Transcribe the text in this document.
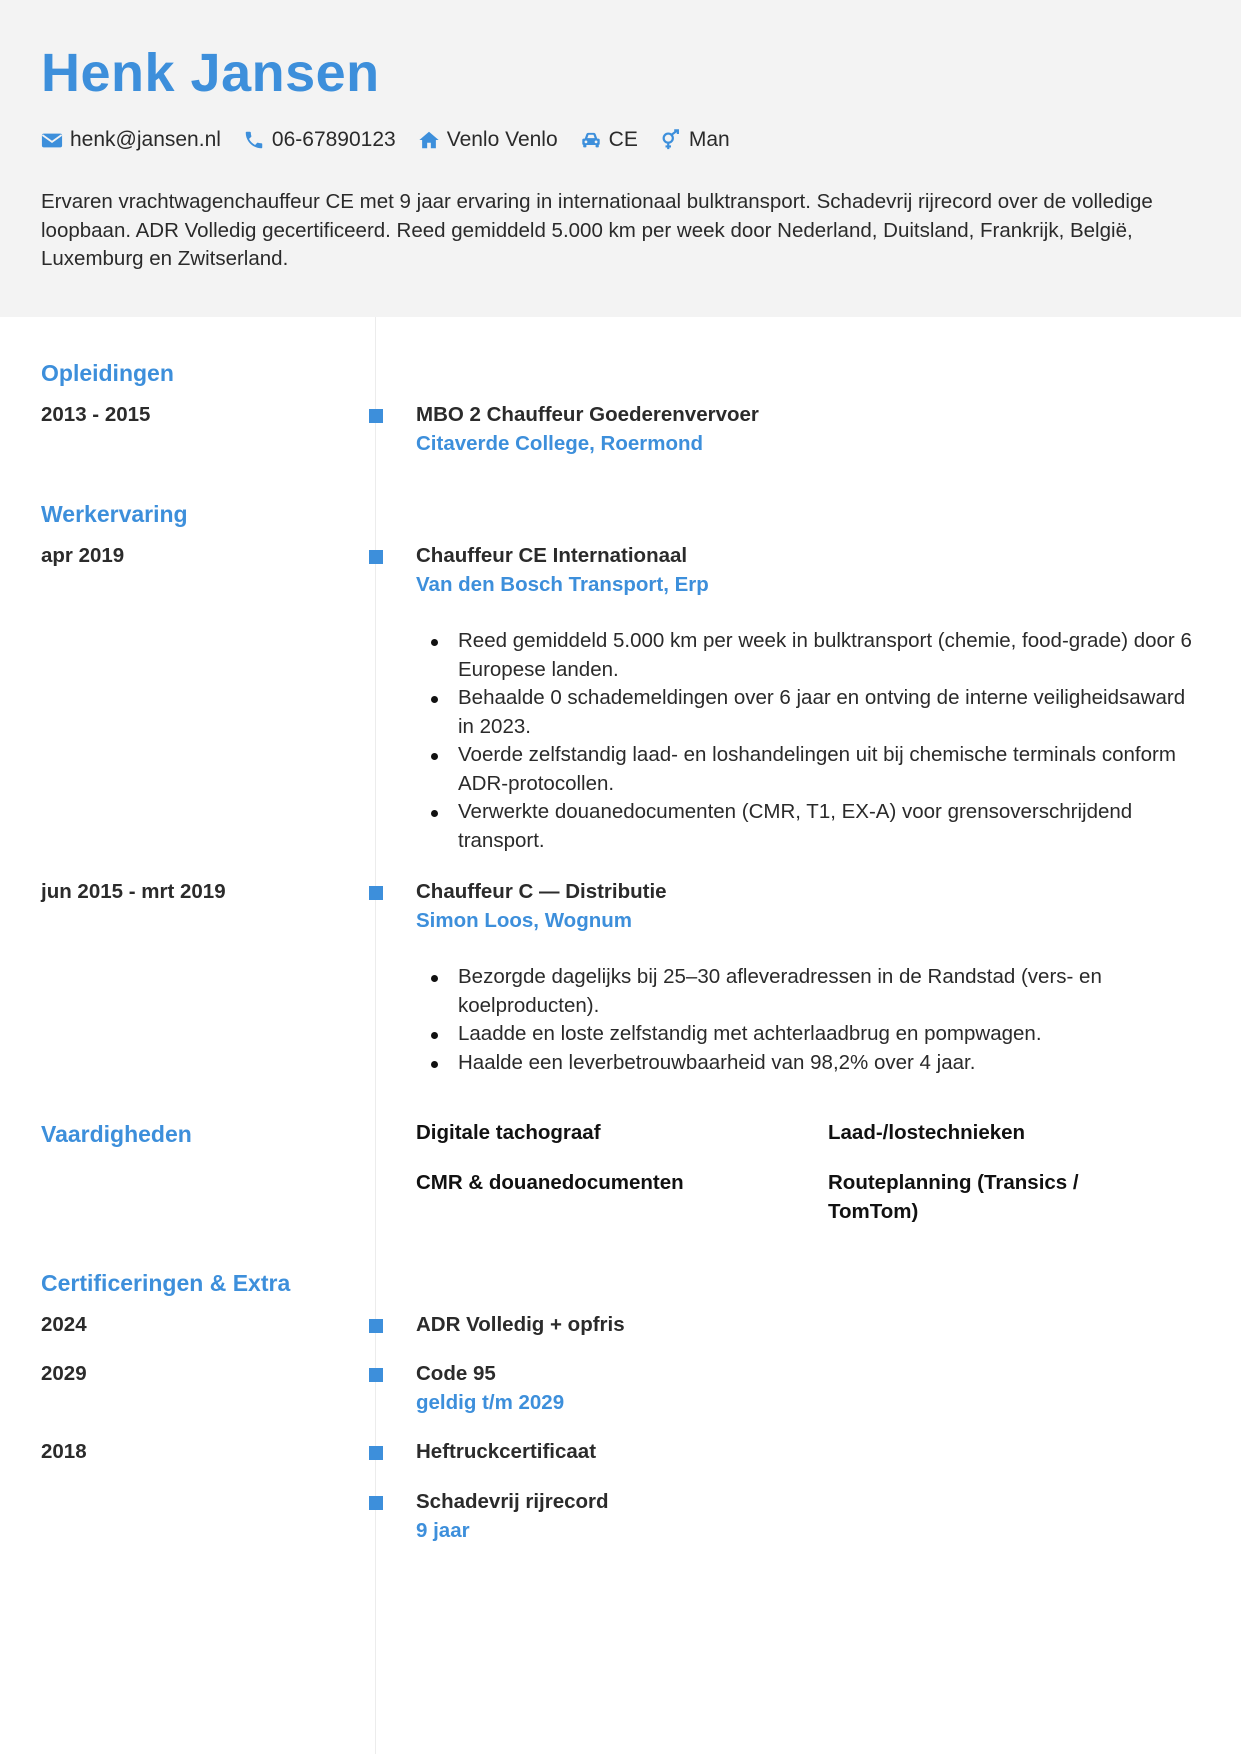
Henk Jansen
henk@jansen.nl 06-67890123 Venlo Venlo CE Man

Ervaren vrachtwagenchauffeur CE met 9 jaar ervaring in internationaal bulktransport. Schadevrij rijrecord over de volledige loopbaan. ADR Volledig gecertificeerd. Reed gemiddeld 5.000 km per week door Nederland, Duitsland, Frankrijk, België, Luxemburg en Zwitserland.

Opleidingen
2013 - 2015	MBO 2 Chauffeur Goederenvervoer
Citaverde College, Roermond
Werkervaring
apr 2019	Chauffeur CE Internationaal
Van den Bosch Transport, Erp
Reed gemiddeld 5.000 km per week in bulktransport (chemie, food-grade) door 6 Europese landen.
Behaalde 0 schademeldingen over 6 jaar en ontving de interne veiligheidsaward in 2023.
Voerde zelfstandig laad- en loshandelingen uit bij chemische terminals conform ADR-protocollen.
Verwerkte douanedocumenten (CMR, T1, EX-A) voor grensoverschrijdend transport.
jun 2015 - mrt 2019	Chauffeur C — Distributie
Simon Loos, Wognum
Bezorgde dagelijks bij 25–30 afleveradressen in de Randstad (vers- en koelproducten).
Laadde en loste zelfstandig met achterlaadbrug en pompwagen.
Haalde een leverbetrouwbaarheid van 98,2% over 4 jaar.
Vaardigheden	Digitale tachograaf	Laad-/lostechnieken
CMR & douanedocumenten	Routeplanning (Transics / TomTom)
Certificeringen & Extra
2024	ADR Volledig + opfris
2029	Code 95
geldig t/m 2029
2018	Heftruckcertificaat
Schadevrij rijrecord
9 jaar
